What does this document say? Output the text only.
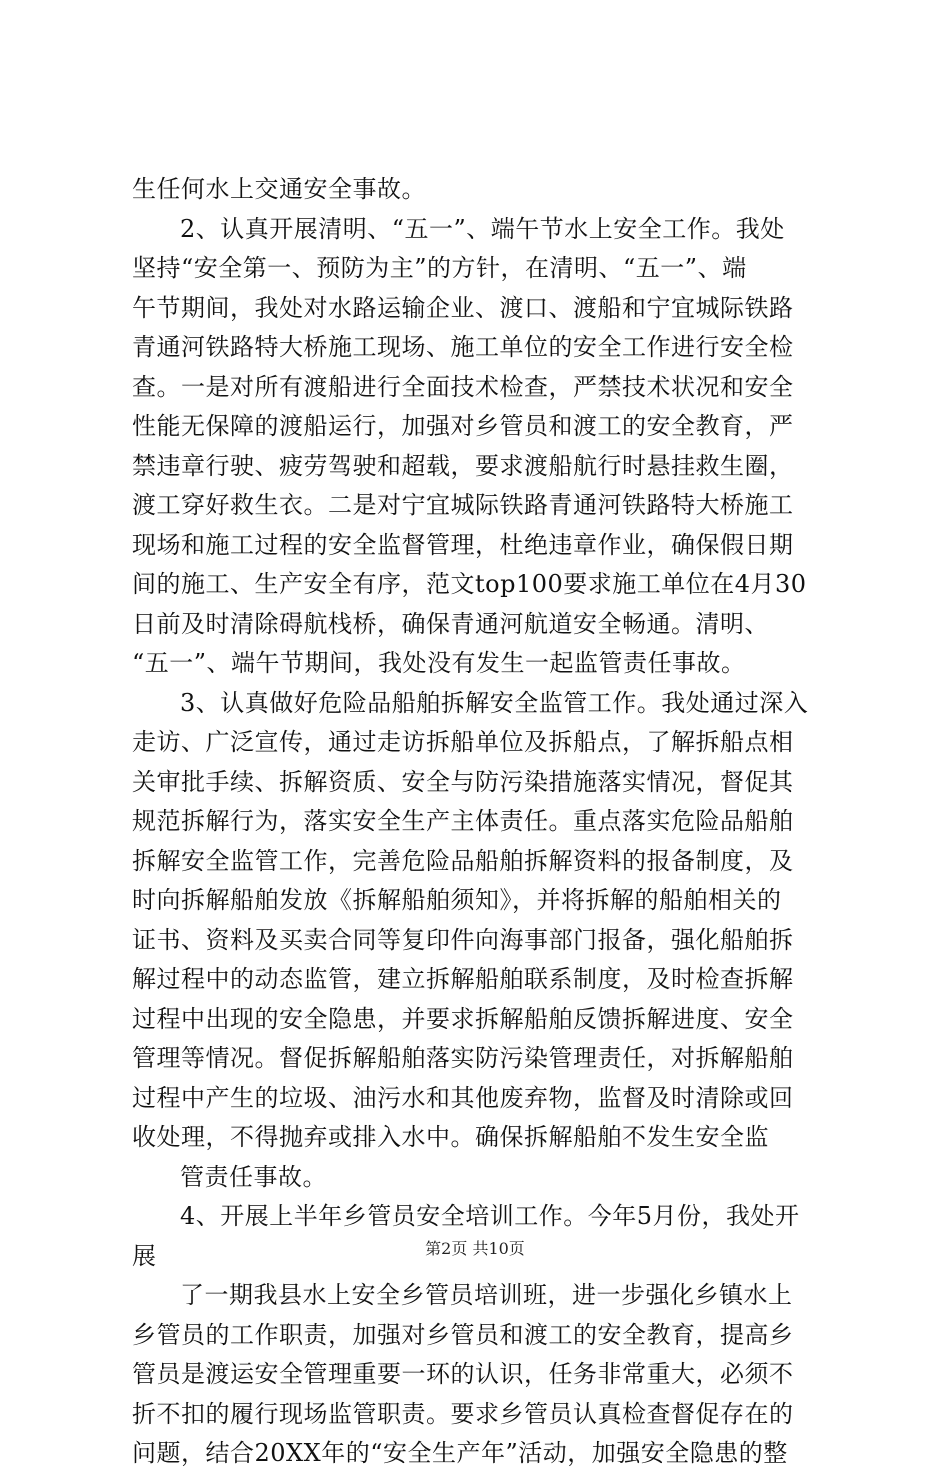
生任何水上交通安全事故。
2、认真开展清明、“五一”、端午节水上安全工作。我处
坚持“安全第一、预防为主”的方针，在清明、“五一”、端
午节期间，我处对水路运输企业、渡口、渡船和宁宜城际铁路
青通河铁路特大桥施工现场、施工单位的安全工作进行安全检
查。一是对所有渡船进行全面技术检查，严禁技术状况和安全
性能无保障的渡船运行，加强对乡管员和渡工的安全教育，严
禁违章行驶、疲劳驾驶和超载，要求渡船航行时悬挂救生圈，
渡工穿好救生衣。二是对宁宜城际铁路青通河铁路特大桥施工
现场和施工过程的安全监督管理，杜绝违章作业，确保假日期
间的施工、生产安全有序，范文top100要求施工单位在4月30
日前及时清除碍航栈桥，确保青通河航道安全畅通。清明、
“五一”、端午节期间，我处没有发生一起监管责任事故。
3、认真做好危险品船舶拆解安全监管工作。我处通过深入
走访、广泛宣传，通过走访拆船单位及拆船点，了解拆船点相
关审批手续、拆解资质、安全与防污染措施落实情况，督促其
规范拆解行为，落实安全生产主体责任。重点落实危险品船舶
拆解安全监管工作，完善危险品船舶拆解资料的报备制度，及
时向拆解船舶发放《拆解船舶须知》，并将拆解的船舶相关的
证书、资料及买卖合同等复印件向海事部门报备，强化船舶拆
解过程中的动态监管，建立拆解船舶联系制度，及时检查拆解
过程中出现的安全隐患，并要求拆解船舶反馈拆解进度、安全
管理等情况。督促拆解船舶落实防污染管理责任，对拆解船舶
过程中产生的垃圾、油污水和其他废弃物，监督及时清除或回
收处理，不得抛弃或排入水中。确保拆解船舶不发生安全监
管责任事故。
4、开展上半年乡管员安全培训工作。今年5月份，我处开
展
了一期我县水上安全乡管员培训班，进一步强化乡镇水上
乡管员的工作职责，加强对乡管员和渡工的安全教育，提高乡
管员是渡运安全管理重要一环的认识，任务非常重大，必须不
折不扣的履行现场监管职责。要求乡管员认真检查督促存在的
问题，结合20XX年的“安全生产年”活动，加强安全隐患的整
第2页 共10页
